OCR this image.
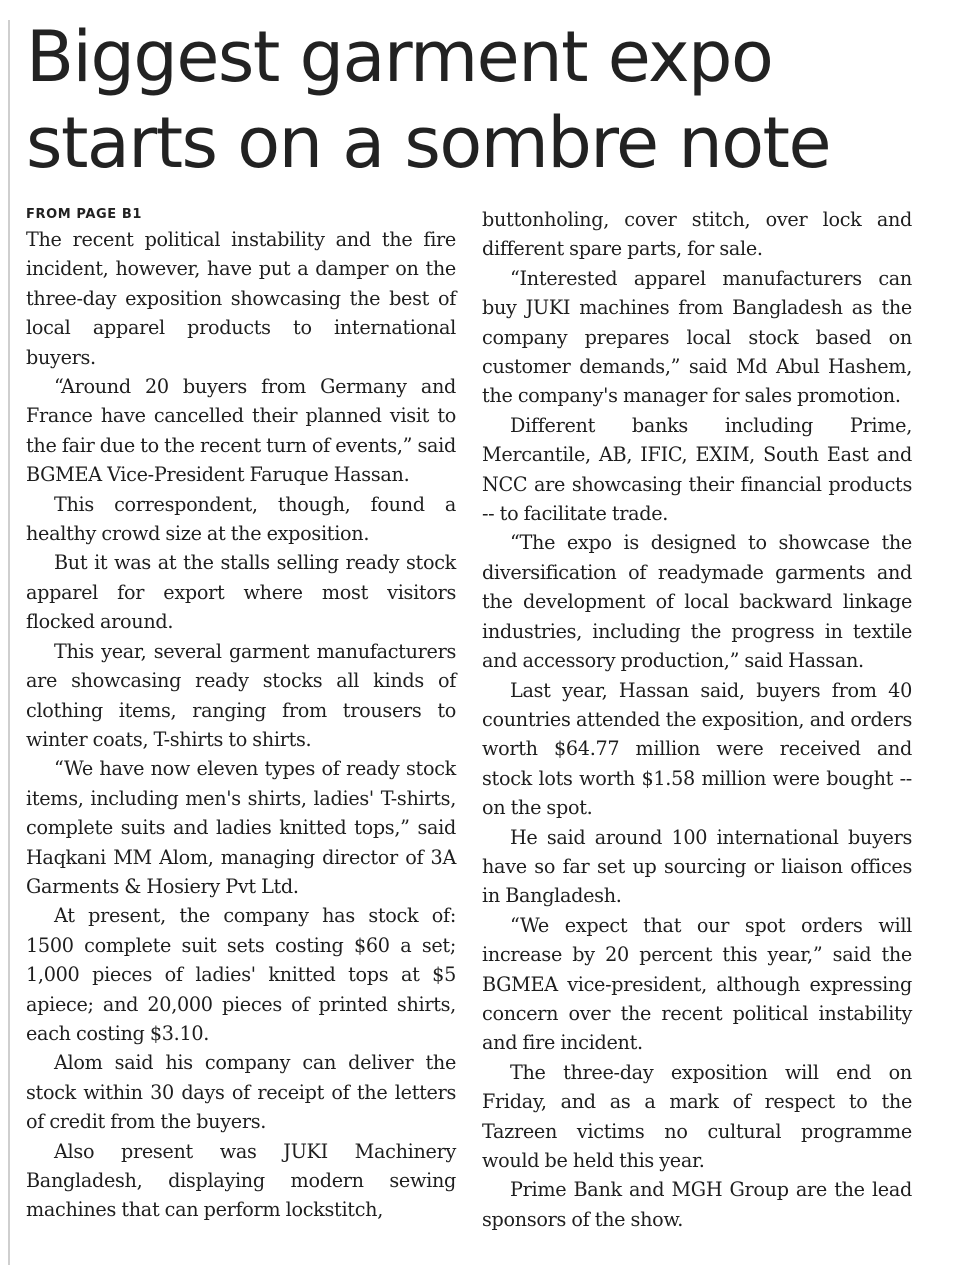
Biggest garment expo starts on a sombre note

FROM PAGE B1

The recent political instability and the fire incident, however, have put a damper on the three-day exposition showcasing the best of local apparel products to international buyers.

“Around 20 buyers from Germany and France have cancelled their planned visit to the fair due to the recent turn of events,” said BGMEA Vice-President Faruque Hassan.

This correspondent, though, found a healthy crowd size at the exposition.

But it was at the stalls selling ready stock apparel for export where most visitors flocked around.

This year, several garment manufacturers are showcasing ready stocks all kinds of clothing items, ranging from trousers to winter coats, T-shirts to shirts.

“We have now eleven types of ready stock items, including men's shirts, ladies' T-shirts, complete suits and ladies knitted tops,” said Haqkani MM Alom, managing director of 3A Garments & Hosiery Pvt Ltd.

At present, the company has stock of: 1500 complete suit sets costing $60 a set; 1,000 pieces of ladies' knitted tops at $5 apiece; and 20,000 pieces of printed shirts, each costing $3.10.

Alom said his company can deliver the stock within 30 days of receipt of the letters of credit from the buyers.

Also present was JUKI Machinery Bangladesh, displaying modern sewing machines that can perform lockstitch,

buttonholing, cover stitch, over lock and different spare parts, for sale.

“Interested apparel manufacturers can buy JUKI machines from Bangladesh as the company prepares local stock based on customer demands,” said Md Abul Hashem, the company's manager for sales promotion.

Different banks including Prime, Mercantile, AB, IFIC, EXIM, South East and NCC are showcasing their financial products -- to facilitate trade.

“The expo is designed to showcase the diversification of readymade garments and the development of local backward linkage industries, including the progress in textile and accessory production,” said Hassan.

Last year, Hassan said, buyers from 40 countries attended the exposition, and orders worth $64.77 million were received and stock lots worth $1.58 million were bought -- on the spot.

He said around 100 international buyers have so far set up sourcing or liaison offices in Bangladesh.

“We expect that our spot orders will increase by 20 percent this year,” said the BGMEA vice-president, although expressing concern over the recent political instability and fire incident.

The three-day exposition will end on Friday, and as a mark of respect to the Tazreen victims no cultural programme would be held this year.

Prime Bank and MGH Group are the lead sponsors of the show.
